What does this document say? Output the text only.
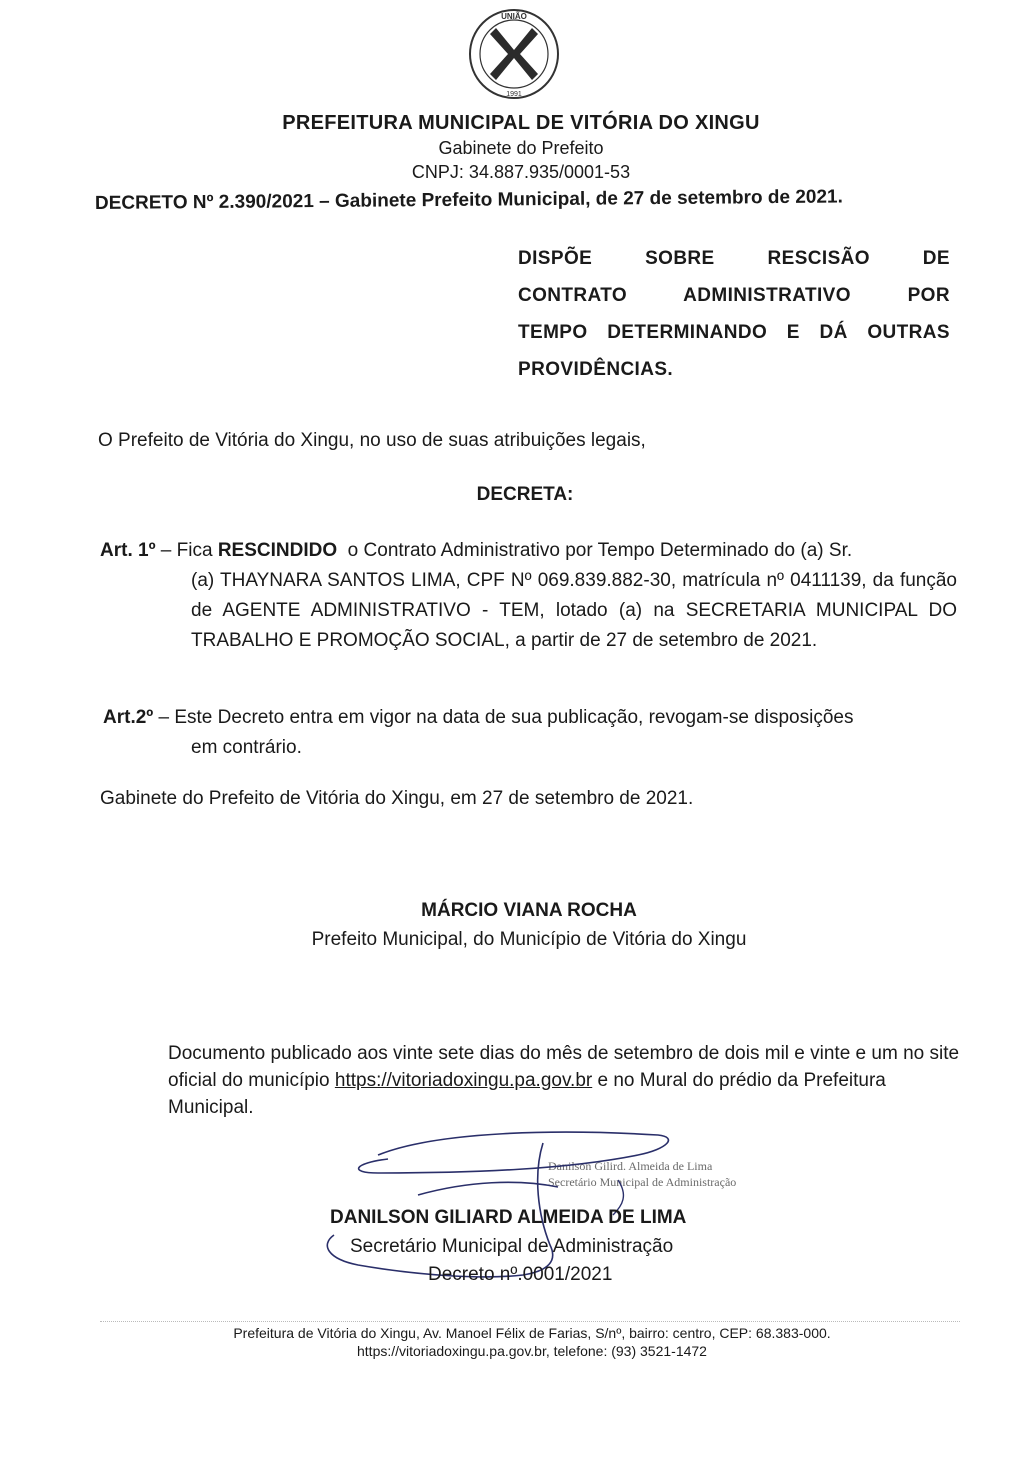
UNIÃO
1991
PREFEITURA MUNICIPAL DE VITÓRIA DO XINGU
Gabinete do Prefeito
CNPJ: 34.887.935/0001-53
DECRETO Nº 2.390/2021 – Gabinete Prefeito Municipal, de 27 de setembro de 2021.
DISPÕE SOBRE RESCISÃO DE
CONTRATO ADMINISTRATIVO POR
TEMPO DETERMINANDO E DÁ OUTRAS
PROVIDÊNCIAS.
O Prefeito de Vitória do Xingu, no uso de suas atribuições legais,
DECRETA:
Art. 1º – Fica RESCINDIDO  o Contrato Administrativo por Tempo Determinado do (a) Sr.
(a) THAYNARA SANTOS LIMA, CPF Nº 069.839.882-30, matrícula nº 0411139, da função de AGENTE ADMINISTRATIVO - TEM, lotado (a) na SECRETARIA MUNICIPAL DO TRABALHO E PROMOÇÃO SOCIAL, a partir de 27 de setembro de 2021.
Art.2º – Este Decreto entra em vigor na data de sua publicação, revogam-se disposições
em contrário.
Gabinete do Prefeito de Vitória do Xingu, em 27 de setembro de 2021.
MÁRCIO VIANA ROCHA
Prefeito Municipal, do Município de Vitória do Xingu
Documento publicado aos vinte sete dias do mês de setembro de dois mil e vinte e um no site oficial do município https://vitoriadoxingu.pa.gov.br e no Mural do prédio da Prefeitura Municipal.
Danilson Gilird. Almeida de Lima
Secretário Municipal de Administração
DANILSON GILIARD ALMEIDA DE LIMA
Secretário Municipal de Administração
Decreto nº.0001/2021
Prefeitura de Vitória do Xingu, Av. Manoel Félix de Farias, S/nº, bairro: centro, CEP: 68.383-000.
https://vitoriadoxingu.pa.gov.br, telefone: (93) 3521-1472
